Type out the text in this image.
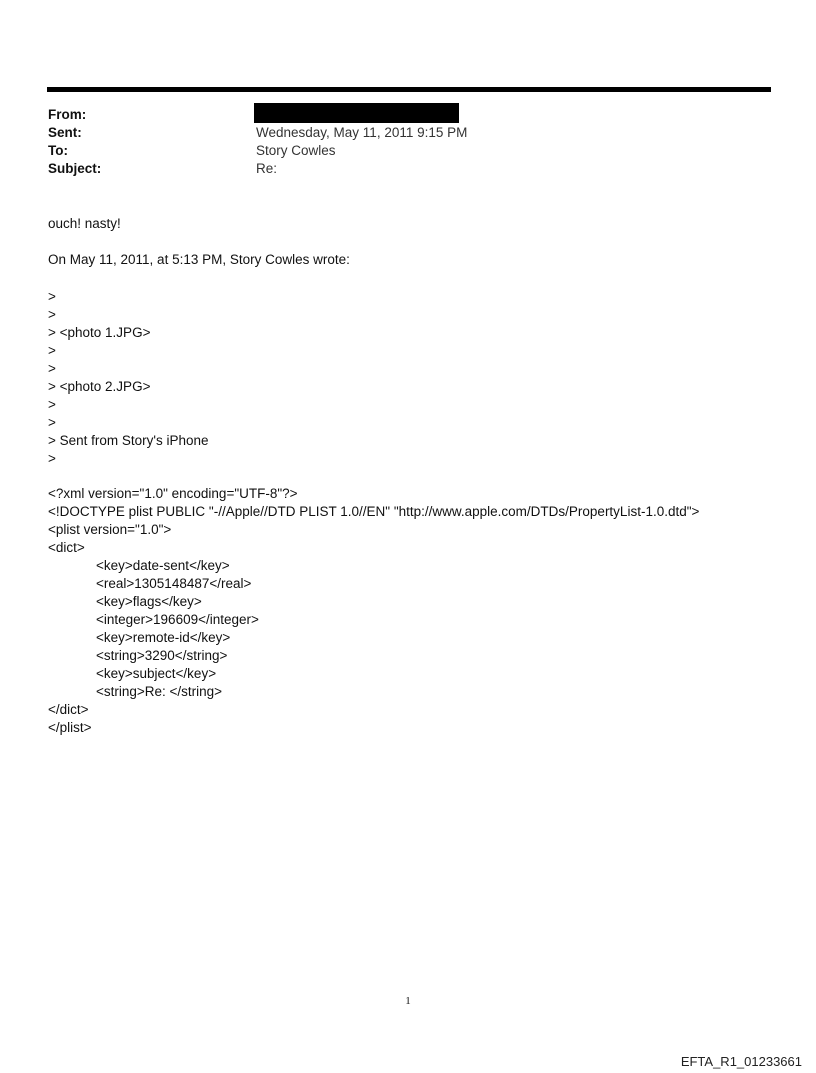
From:
Sent:	Wednesday, May 11, 2011 9:15 PM
To:	Story Cowles
Subject:	Re:
ouch! nasty!
On May 11, 2011, at 5:13 PM, Story Cowles wrote:
>
>
> <photo 1.JPG>
>
>
> <photo 2.JPG>
>
>
> Sent from Story's iPhone
>
<?xml version="1.0" encoding="UTF-8"?>
<!DOCTYPE plist PUBLIC "-//Apple//DTD PLIST 1.0//EN" "http://www.apple.com/DTDs/PropertyList-1.0.dtd">
<plist version="1.0">
<dict>
<key>date-sent</key>
<real>1305148487</real>
<key>flags</key>
<integer>196609</integer>
<key>remote-id</key>
<string>3290</string>
<key>subject</key>
<string>Re: </string>
</dict>
</plist>
1
EFTA_R1_01233661
